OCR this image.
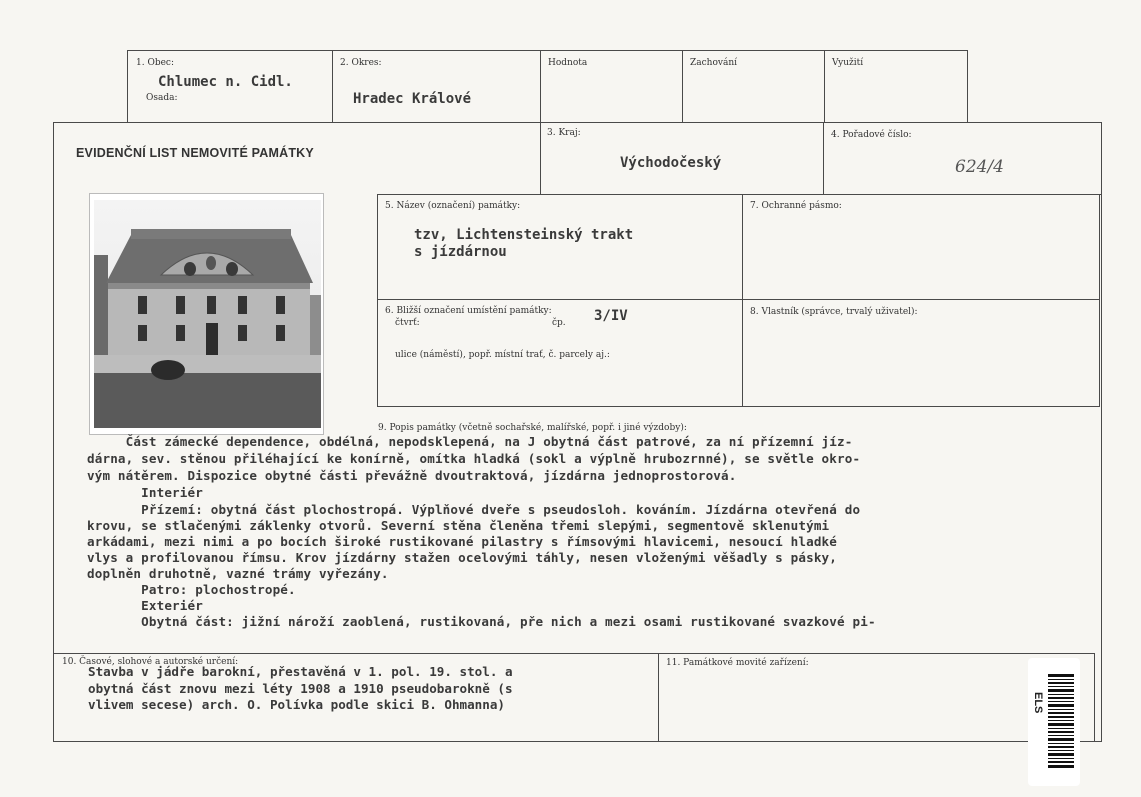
1. Obec:
Chlumec n. Cidl.
Osada:
2. Okres:
Hradec Králové
Hodnota	Zachování	Využití
EVIDENČNÍ LIST NEMOVITÉ PAMÁTKY
3. Kraj:
Východočeský
4. Pořadové číslo:
624/4
5. Název (označení) památky:
tzv, Lichtensteinský trakt
s jízdárnou
7. Ochranné pásmo:
6. Bližší označení umístění památky:
čtvrť:	čp. 3/IV
ulice (náměstí), popř. místní trať, č. parcely aj.:
8. Vlastník (správce, trvalý uživatel):
9. Popis památky (včetně sochařské, malířské, popř. i jiné výzdoby):
Část zámecké dependence, obdélná, nepodsklepená, na J obytná část patrové, za ní přízemní jíz-
dárna, sev. stěnou přiléhající ke konírně, omítka hladká (sokl a výplně hrubozrnné), se světle okro-
vým nátěrem. Dispozice obytné části převážně dvoutraktová, jízdárna jednoprostorová.
Interiér
Přízemí: obytná část plochostropá. Výplňové dveře s pseudosloh. kováním. Jízdárna otevřená do
krovu, se stlačenými záklenky otvorů. Severní stěna členěna třemi slepými, segmentově sklenutými
arkádami, mezi nimi a po bocích široké rustikované pilastry s římsovými hlavicemi, nesoucí hladké
vlys a profilovanou římsu. Krov jízdárny stažen ocelovými táhly, nesen vloženými věšadly s pásky,
doplněn druhotně, vazné trámy vyřezány.
Patro: plochostropé.
Exteriér
Obytná část: jižní nároží zaoblená, rustikovaná, pře nich a mezi osami rustikované svazkové pi-
10. Časové, slohové a autorské určení:
Stavba v jádře barokní, přestavěná v 1. pol. 19. stol. a
obytná část znovu mezi léty 1908 a 1910 pseudobarokně (s
vlivem secese) arch. O. Polívka podle skici B. Ohmanna)
11. Památkové movité zařízení:
ELS
